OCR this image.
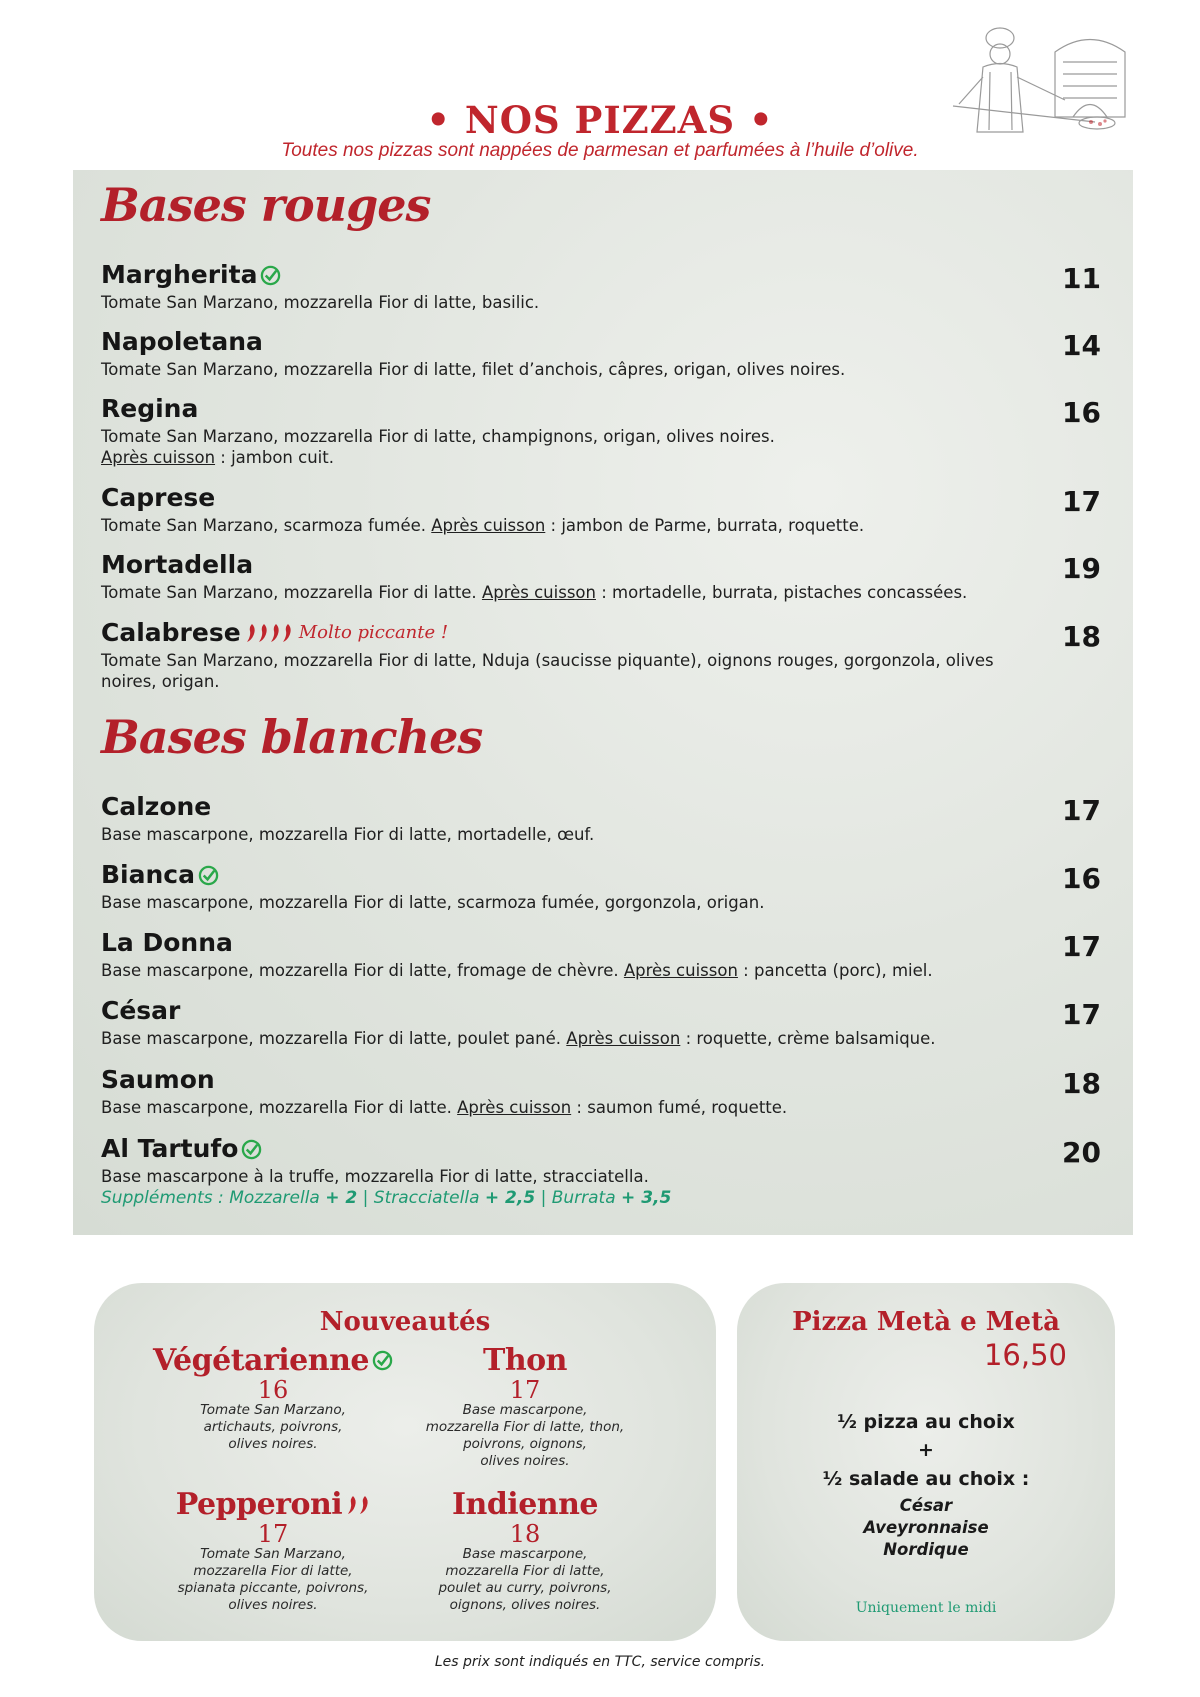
• NOS PIZZAS •
Toutes nos pizzas sont nappées de parmesan et parfumées à l’huile d’olive.
Bases rouges
Margherita
Tomate San Marzano, mozzarella Fior di latte, basilic.
11
Napoletana
Tomate San Marzano, mozzarella Fior di latte, filet d’anchois, câpres, origan, olives noires.
14
Regina
Tomate San Marzano, mozzarella Fior di latte, champignons, origan, olives noires.
Après cuisson : jambon cuit.
16
Caprese
Tomate San Marzano, scarmoza fumée. Après cuisson : jambon de Parme, burrata, roquette.
17
Mortadella
Tomate San Marzano, mozzarella Fior di latte. Après cuisson : mortadelle, burrata, pistaches concassées.
19
Calabrese	Molto piccante !
Tomate San Marzano, mozzarella Fior di latte, Nduja (saucisse piquante), oignons rouges, gorgonzola, olives noires, origan.
18
Bases blanches
Calzone
Base mascarpone, mozzarella Fior di latte, mortadelle, œuf.
17
Bianca
Base mascarpone, mozzarella Fior di latte, scarmoza fumée, gorgonzola, origan.
16
La Donna
Base mascarpone, mozzarella Fior di latte, fromage de chèvre. Après cuisson : pancetta (porc), miel.
17
César
Base mascarpone, mozzarella Fior di latte, poulet pané. Après cuisson : roquette, crème balsamique.
17
Saumon
Base mascarpone, mozzarella Fior di latte. Après cuisson : saumon fumé, roquette.
18
Al Tartufo
Base mascarpone à la truffe, mozzarella Fior di latte, stracciatella.
20
Suppléments : Mozzarella + 2 | Stracciatella + 2,5 | Burrata + 3,5
Nouveautés
Végétarienne
16
Tomate San Marzano,
artichauts, poivrons,
olives noires.
Thon
17
Base mascarpone,
mozzarella Fior di latte, thon,
poivrons, oignons,
olives noires.
Pepperoni
17
Tomate San Marzano,
mozzarella Fior di latte,
spianata piccante, poivrons,
olives noires.
Indienne
18
Base mascarpone,
mozzarella Fior di latte,
poulet au curry, poivrons,
oignons, olives noires.
Pizza Metà e Metà
16,50
½ pizza au choix
+
½ salade au choix :
César
Aveyronnaise
Nordique
Uniquement le midi
Les prix sont indiqués en TTC, service compris.
